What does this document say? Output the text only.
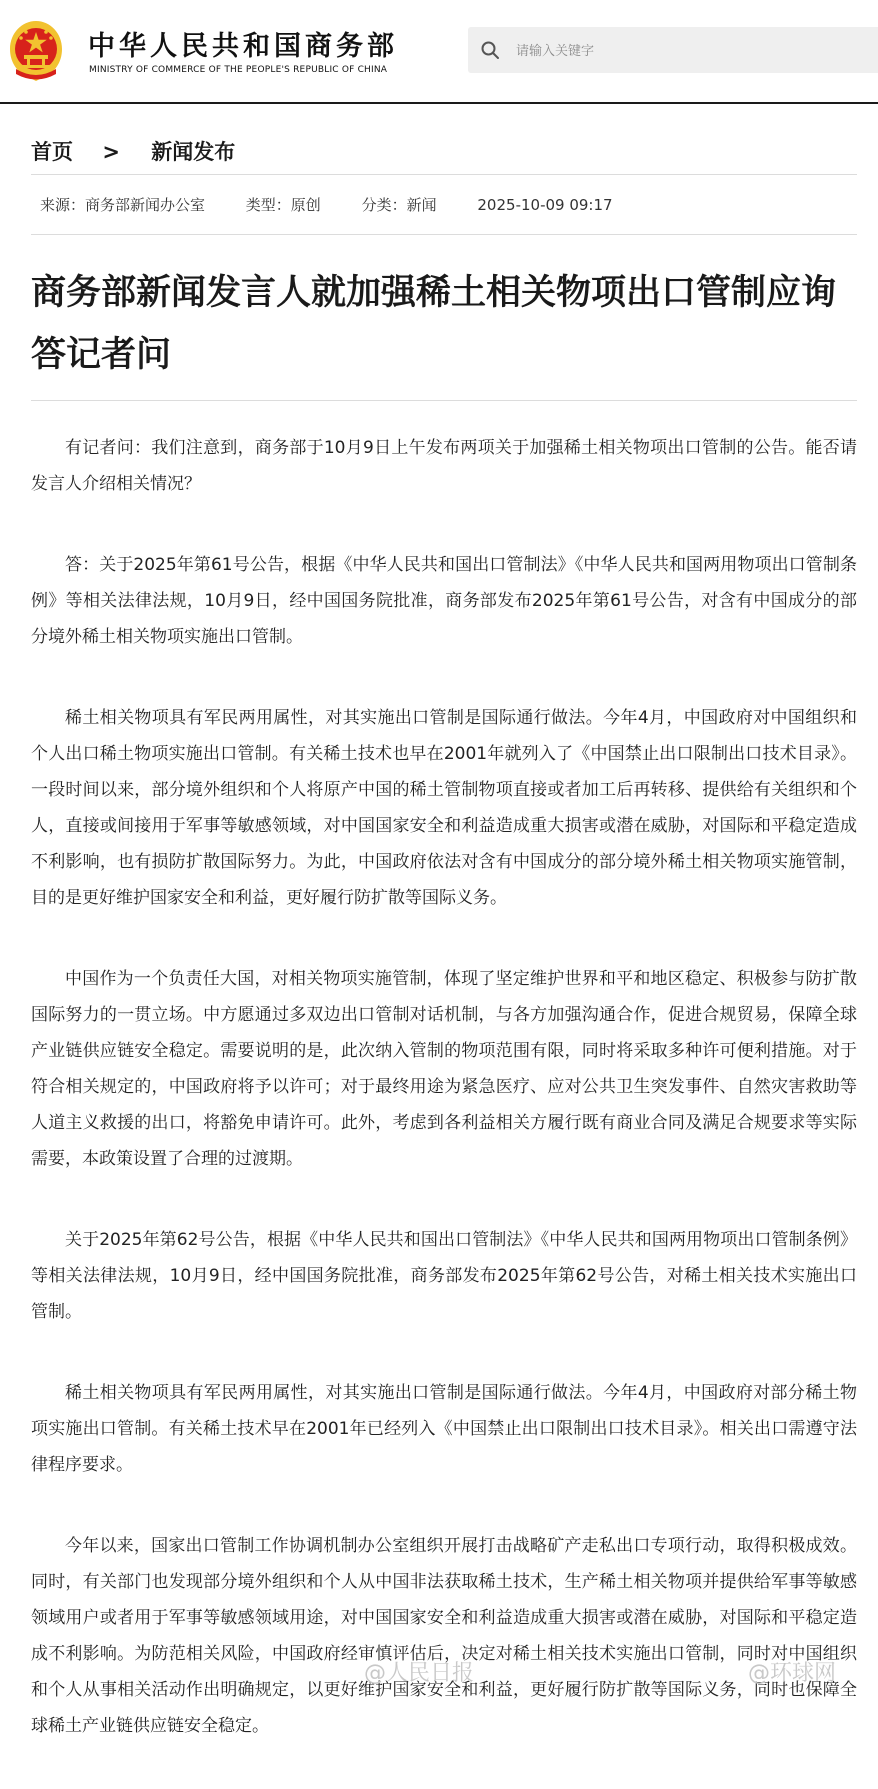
中华人民共和国商务部
MINISTRY OF COMMERCE OF THE PEOPLE'S REPUBLIC OF CHINA
请输入关键字
首页 > 新闻发布
来源：商务部新闻办公室	类型：原创	分类：新闻	2025-10-09 09:17
商务部新闻发言人就加强稀土相关物项出口管制应询答记者问

有记者问：我们注意到，商务部于10月9日上午发布两项关于加强稀土相关物项出口管制的公告。能否请发言人介绍相关情况？

答：关于2025年第61号公告，根据《中华人民共和国出口管制法》《中华人民共和国两用物项出口管制条例》等相关法律法规，10月9日，经中国国务院批准，商务部发布2025年第61号公告，对含有中国成分的部分境外稀土相关物项实施出口管制。

稀土相关物项具有军民两用属性，对其实施出口管制是国际通行做法。今年4月，中国政府对中国组织和个人出口稀土物项实施出口管制。有关稀土技术也早在2001年就列入了《中国禁止出口限制出口技术目录》。一段时间以来，部分境外组织和个人将原产中国的稀土管制物项直接或者加工后再转移、提供给有关组织和个人，直接或间接用于军事等敏感领域，对中国国家安全和利益造成重大损害或潜在威胁，对国际和平稳定造成不利影响，也有损防扩散国际努力。为此，中国政府依法对含有中国成分的部分境外稀土相关物项实施管制，目的是更好维护国家安全和利益，更好履行防扩散等国际义务。

中国作为一个负责任大国，对相关物项实施管制，体现了坚定维护世界和平和地区稳定、积极参与防扩散国际努力的一贯立场。中方愿通过多双边出口管制对话机制，与各方加强沟通合作，促进合规贸易，保障全球产业链供应链安全稳定。需要说明的是，此次纳入管制的物项范围有限，同时将采取多种许可便利措施。对于符合相关规定的，中国政府将予以许可；对于最终用途为紧急医疗、应对公共卫生突发事件、自然灾害救助等人道主义救援的出口，将豁免申请许可。此外，考虑到各利益相关方履行既有商业合同及满足合规要求等实际需要，本政策设置了合理的过渡期。

关于2025年第62号公告，根据《中华人民共和国出口管制法》《中华人民共和国两用物项出口管制条例》等相关法律法规，10月9日，经中国国务院批准，商务部发布2025年第62号公告，对稀土相关技术实施出口管制。

稀土相关物项具有军民两用属性，对其实施出口管制是国际通行做法。今年4月，中国政府对部分稀土物项实施出口管制。有关稀土技术早在2001年已经列入《中国禁止出口限制出口技术目录》。相关出口需遵守法律程序要求。

今年以来，国家出口管制工作协调机制办公室组织开展打击战略矿产走私出口专项行动，取得积极成效。同时，有关部门也发现部分境外组织和个人从中国非法获取稀土技术，生产稀土相关物项并提供给军事等敏感领域用户或者用于军事等敏感领域用途，对中国国家安全和利益造成重大损害或潜在威胁，对国际和平稳定造成不利影响。为防范相关风险，中国政府经审慎评估后，决定对稀土相关技术实施出口管制，同时对中国组织和个人从事相关活动作出明确规定，以更好维护国家安全和利益，更好履行防扩散等国际义务，同时也保障全球稀土产业链供应链安全稳定。

@人民日报	@环球网
